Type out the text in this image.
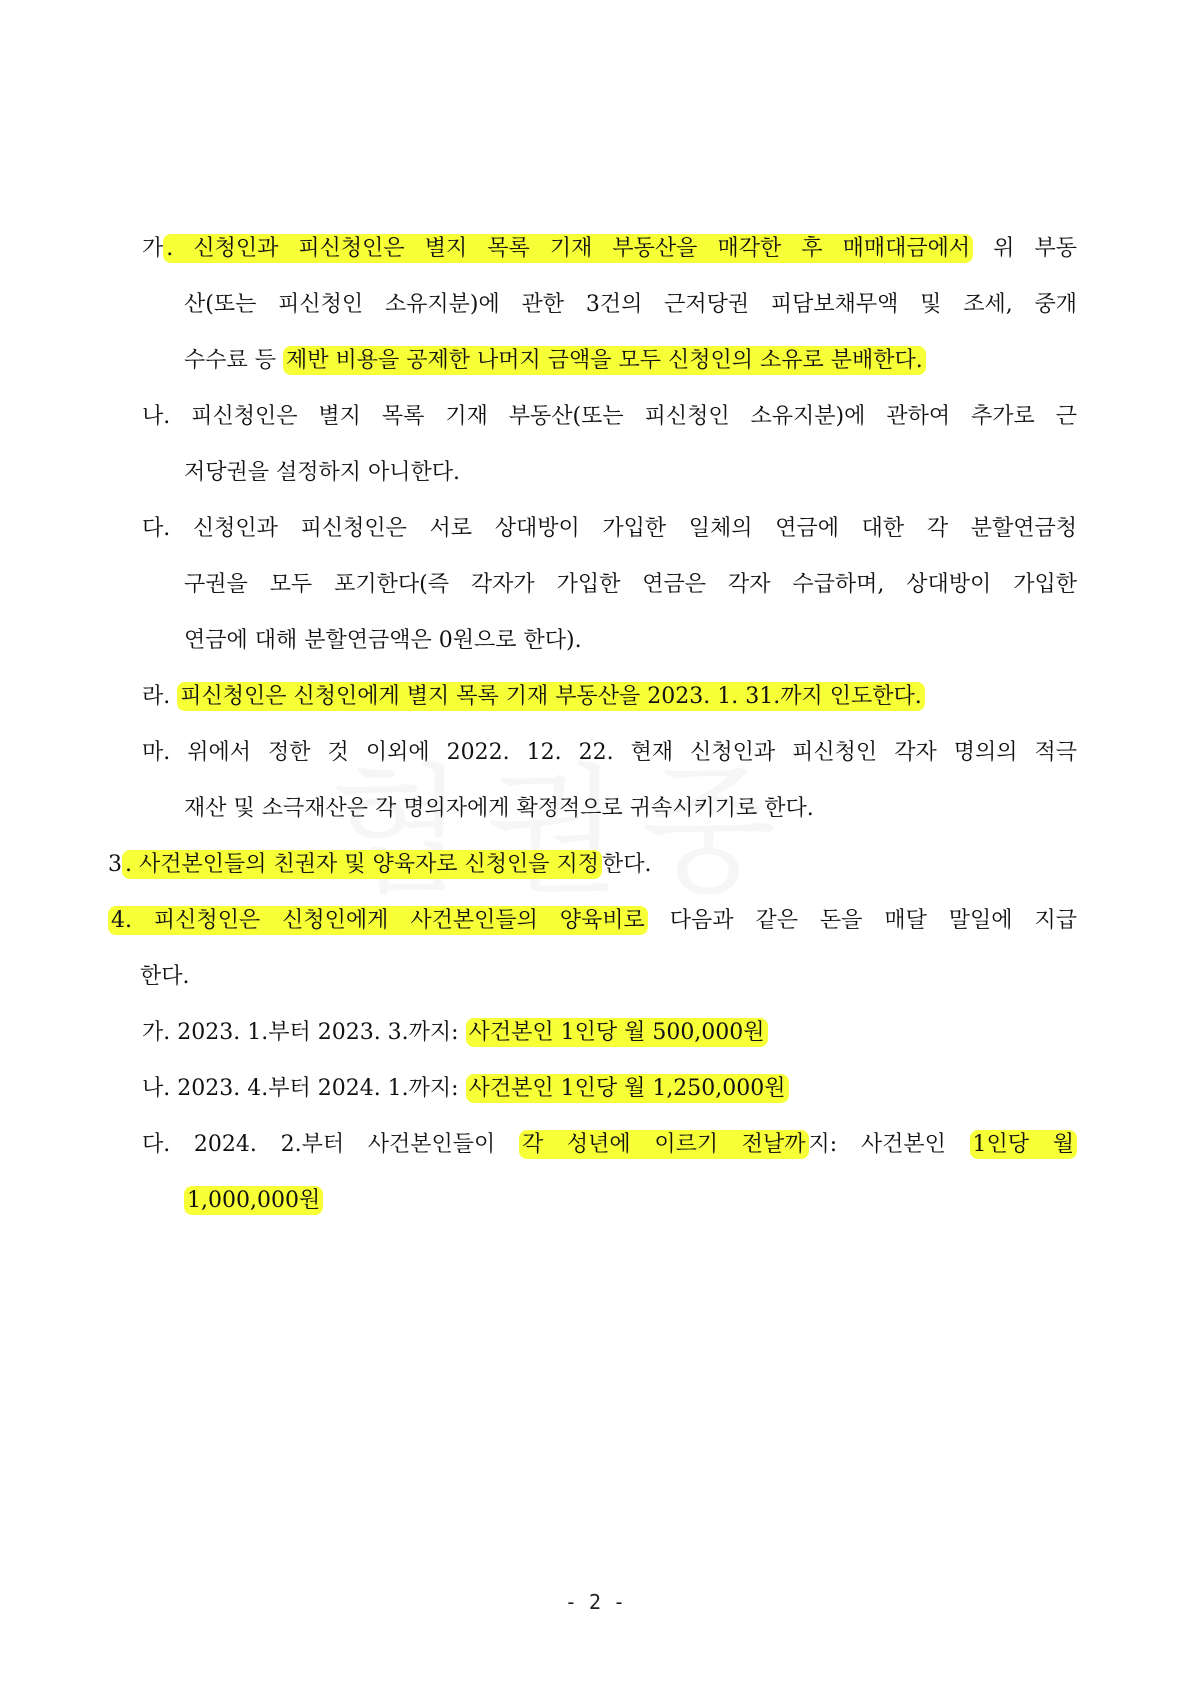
가 . 신청인과 피신청인은 별지 목록 기재 부동산을 매각한 후 매매대금에서 위 부동
산(또는 피신청인 소유지분)에 관한 3건의 근저당권 피담보채무액 및 조세, 중개
수수료 등 제반 비용을 공제한 나머지 금액을 모두 신청인의 소유로 분배한다.
나. 피신청인은 별지 목록 기재 부동산(또는 피신청인 소유지분)에 관하여 추가로 근
저당권을 설정하지 아니한다.
다. 신청인과 피신청인은 서로 상대방이 가입한 일체의 연금에 대한 각 분할연금청
구권을 모두 포기한다(즉 각자가 가입한 연금은 각자 수급하며, 상대방이 가입한
연금에 대해 분할연금액은 0원으로 한다).
라. 피신청인은 신청인에게 별지 목록 기재 부동산을 2023. 1. 31.까지 인도한다.
마. 위에서 정한 것 이외에 2022. 12. 22. 현재 신청인과 피신청인 각자 명의의 적극
재산 및 소극재산은 각 명의자에게 확정적으로 귀속시키기로 한다.
3 . 사건본인들의 친권자 및 양육자로 신청인을 지정 한다.
4. 피신청인은 신청인에게 사건본인들의 양육비로 다음과 같은 돈을 매달 말일에 지급
한다.
가. 2023. 1.부터 2023. 3.까지: 사건본인 1인당 월 500,000원
나. 2023. 4.부터 2024. 1.까지: 사건본인 1인당 월 1,250,000원
다. 2024. 2.부터 사건본인들이 각 성년에 이르기 전날까 지: 사건본인 1인당 월
1,000,000원
- 2 -
